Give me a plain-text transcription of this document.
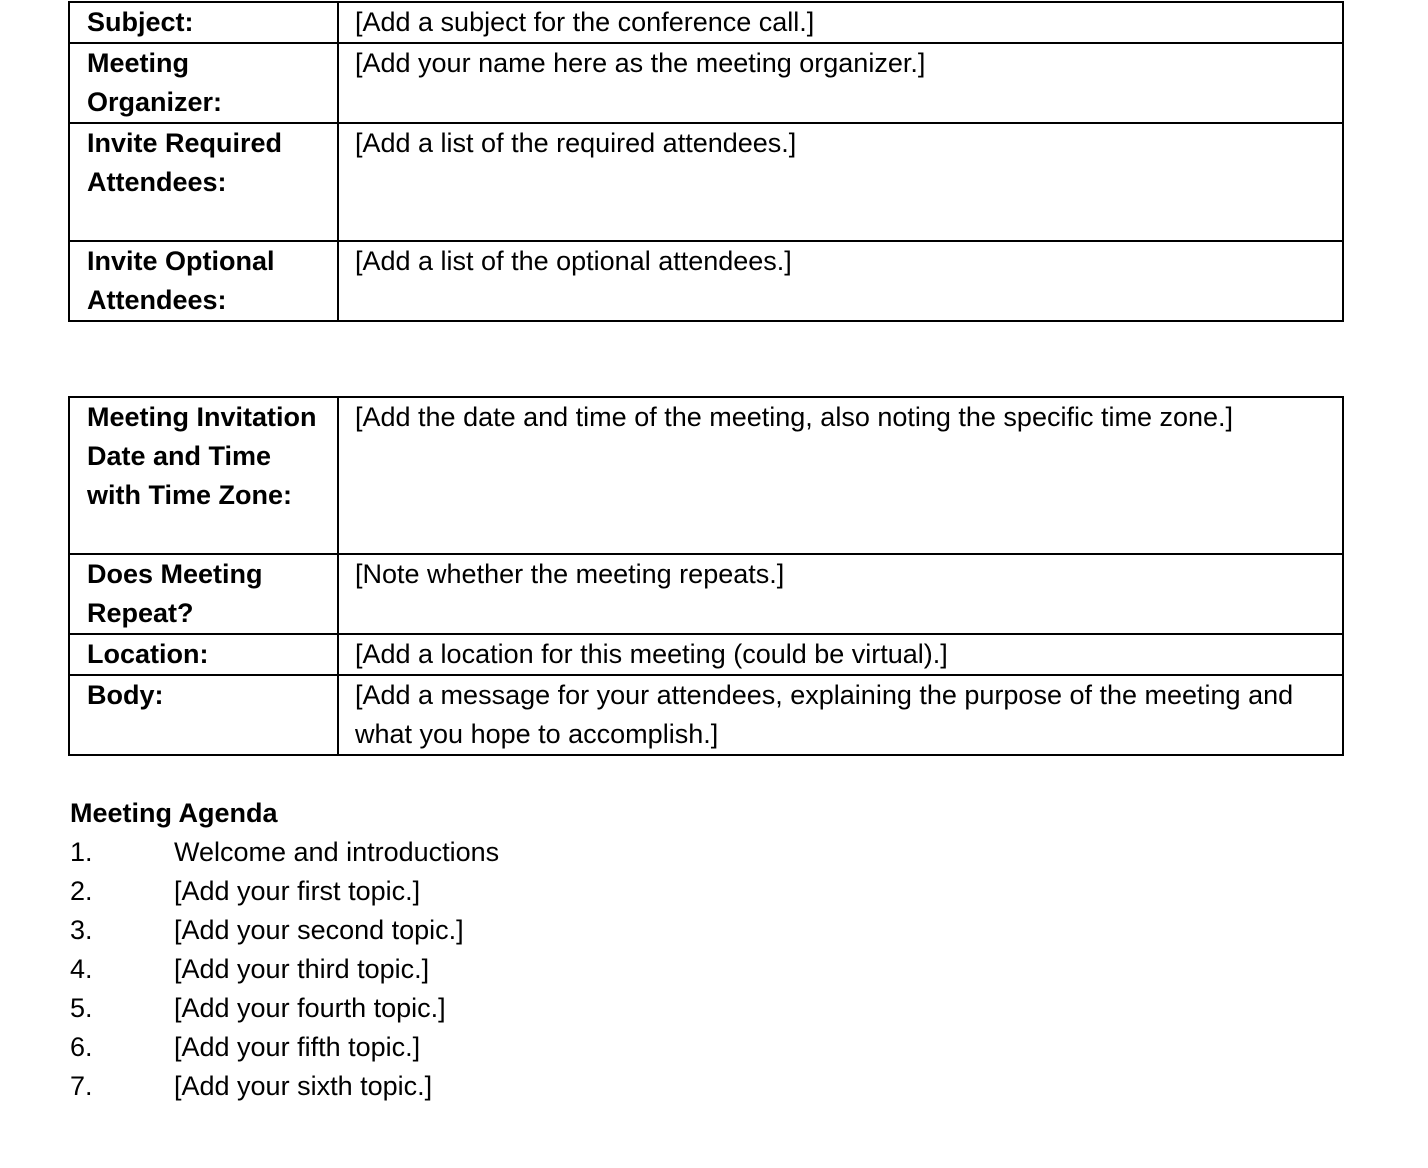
Subject:	[Add a subject for the conference call.]
Meeting Organizer:	[Add your name here as the meeting organizer.]
Invite Required Attendees:	[Add a list of the required attendees.]
Invite Optional Attendees:	[Add a list of the optional attendees.]
Meeting Invitation Date and Time with Time Zone:	[Add the date and time of the meeting, also noting the specific time zone.]
Does Meeting Repeat?	[Note whether the meeting repeats.]
Location:	[Add a location for this meeting (could be virtual).]
Body:	[Add a message for your attendees, explaining the purpose of the meeting and what you hope to accomplish.]

Meeting Agenda

1.	Welcome and introductions
2.	[Add your first topic.]
3.	[Add your second topic.]
4.	[Add your third topic.]
5.	[Add your fourth topic.]
6.	[Add your fifth topic.]
7.	[Add your sixth topic.]
